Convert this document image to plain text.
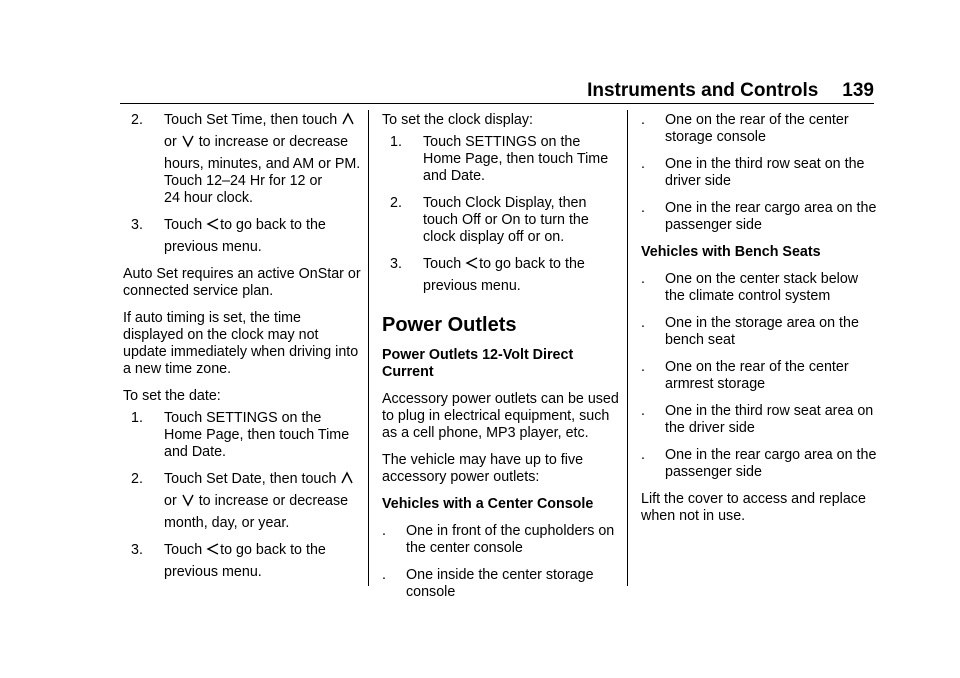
Instruments and Controls 139
2. Touch Set Time, then touch
or to increase or decrease
hours, minutes, and AM or PM.
Touch 12–24 Hr for 12 or
24 hour clock.
3. Touch to go back to the
previous menu.

Auto Set requires an active OnStar or connected service plan.

If auto timing is set, the time displayed on the clock may not update immediately when driving into a new time zone.

To set the date:

1. Touch SETTINGS on the Home Page, then touch Time and Date.
2. Touch Set Date, then touch
or to increase or decrease
month, day, or year.
3. Touch to go back to the
previous menu.

To set the clock display:

1. Touch SETTINGS on the Home Page, then touch Time and Date.
2. Touch Clock Display, then touch Off or On to turn the clock display off or on.
3. Touch to go back to the
previous menu.
Power Outlets
Power Outlets 12-Volt Direct Current

Accessory power outlets can be used to plug in electrical equipment, such as a cell phone, MP3 player, etc.

The vehicle may have up to five accessory power outlets:

Vehicles with a Center Console
. One in front of the cupholders on the center console
. One inside the center storage console
. One on the rear of the center storage console
. One in the third row seat on the driver side
. One in the rear cargo area on the passenger side
Vehicles with Bench Seats
. One on the center stack below the climate control system
. One in the storage area on the bench seat
. One on the rear of the center armrest storage
. One in the third row seat area on the driver side
. One in the rear cargo area on the passenger side

Lift the cover to access and replace when not in use.
